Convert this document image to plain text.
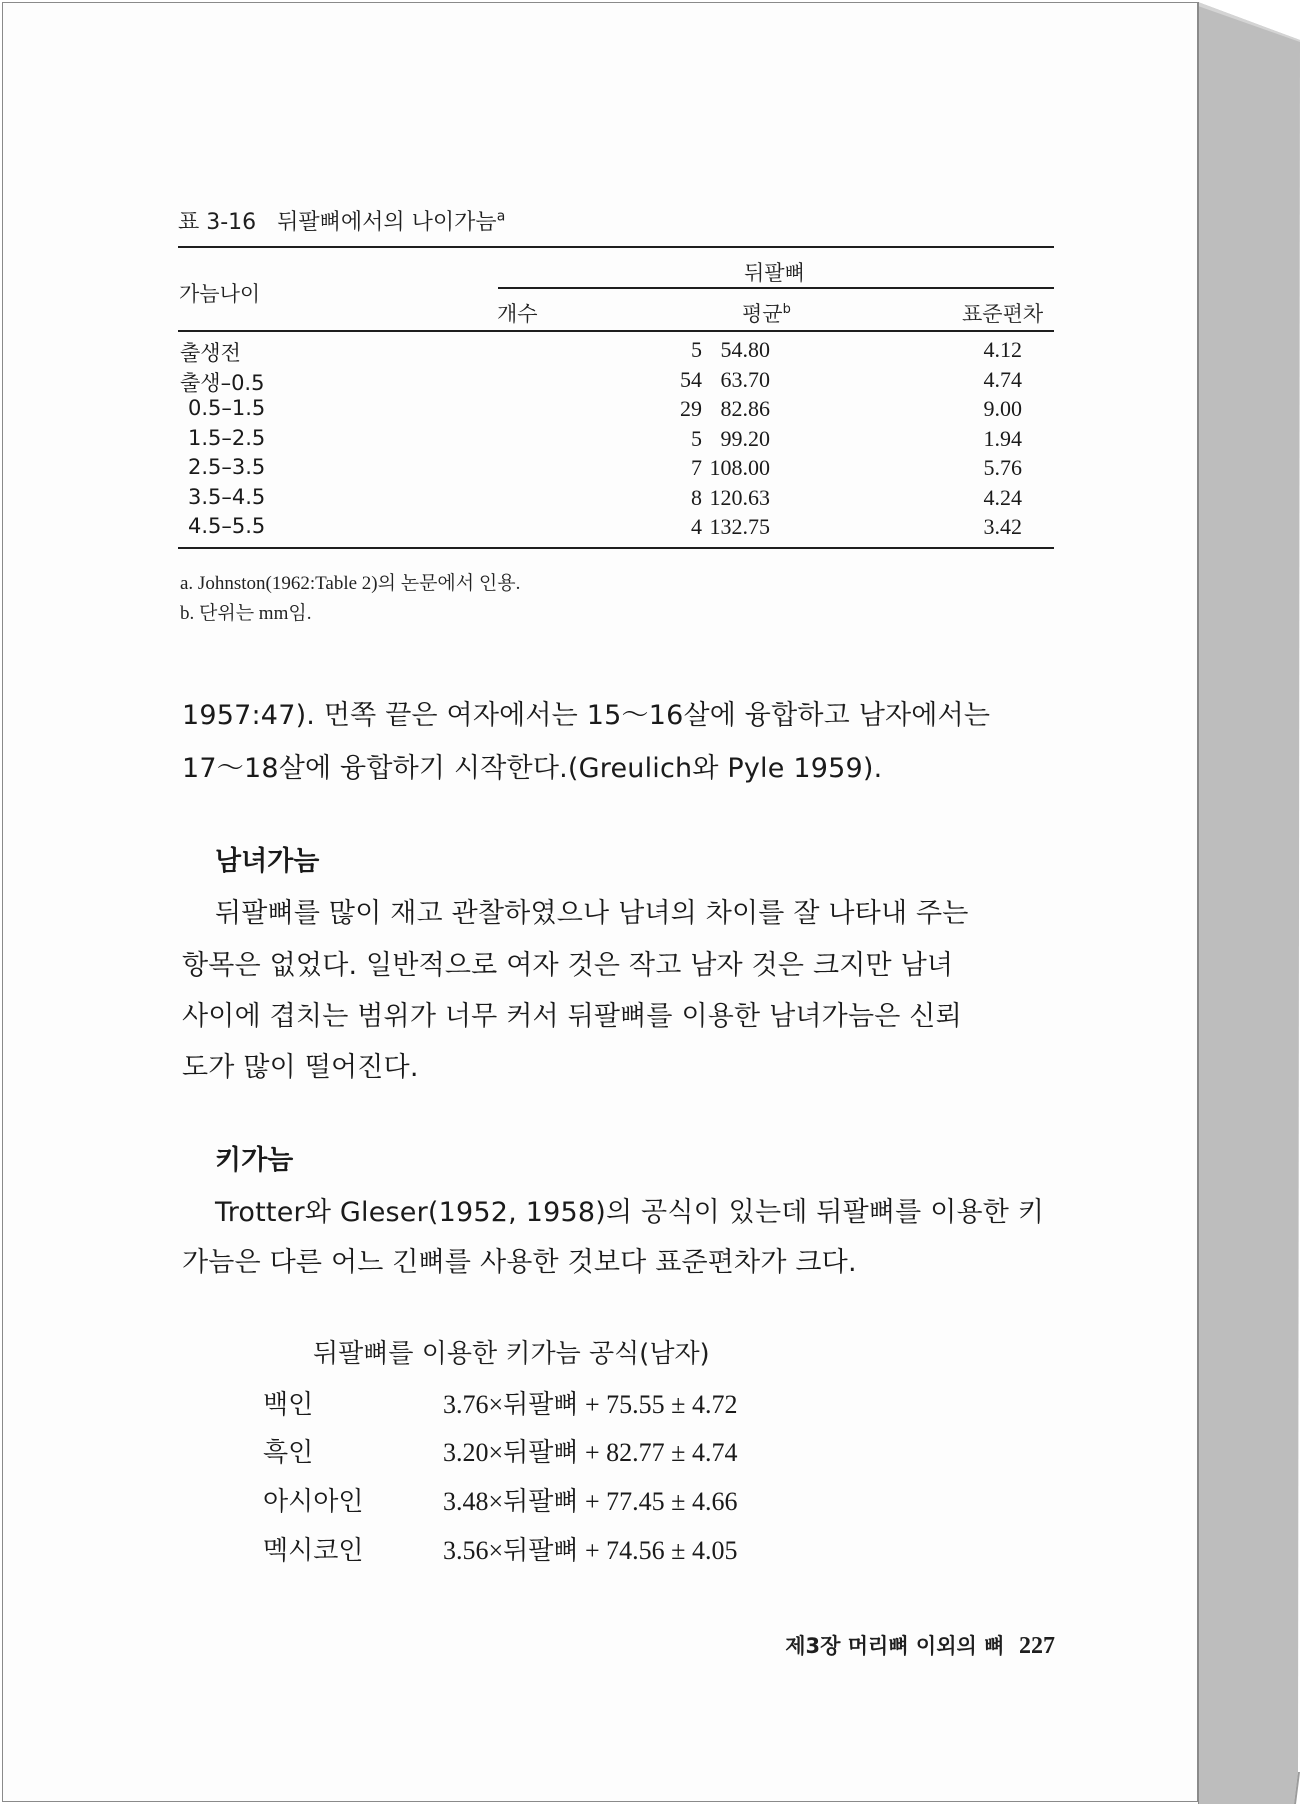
표 3-16 뒤팔뼈에서의 나이가늠$^a$
가늠나이
뒤팔뼈
개수	평균$^b$	표준편차
출생전	5 54.80	4.12
출생–0.5	54 63.70	4.74
0.5–1.5	29 82.86	9.00
1.5–2.5	5 99.20	1.94
2.5–3.5	7 108.00	5.76
3.5–4.5	8 120.63	4.24
4.5–5.5	4 132.75	3.42
a. Johnston(1962:Table 2)의 논문에서 인용.
b. 단위는 mm임.
1957:47). 먼쪽 끝은 여자에서는 15～16살에 융합하고 남자에서는
17～18살에 융합하기 시작한다.(Greulich와 Pyle 1959).
남녀가늠
뒤팔뼈를 많이 재고 관찰하였으나 남녀의 차이를 잘 나타내 주는
항목은 없었다. 일반적으로 여자 것은 작고 남자 것은 크지만 남녀
사이에 겹치는 범위가 너무 커서 뒤팔뼈를 이용한 남녀가늠은 신뢰
도가 많이 떨어진다.
키가늠
Trotter와 Gleser(1952, 1958)의 공식이 있는데 뒤팔뼈를 이용한 키
가늠은 다른 어느 긴뼈를 사용한 것보다 표준편차가 크다.
뒤팔뼈를 이용한 키가늠 공식(남자)
백인	3.76×뒤팔뼈 + 75.55 ± 4.72
흑인	3.20×뒤팔뼈 + 82.77 ± 4.74
아시아인	3.48×뒤팔뼈 + 77.45 ± 4.66
멕시코인	3.56×뒤팔뼈 + 74.56 ± 4.05
제3장 머리뼈 이외의 뼈 227
